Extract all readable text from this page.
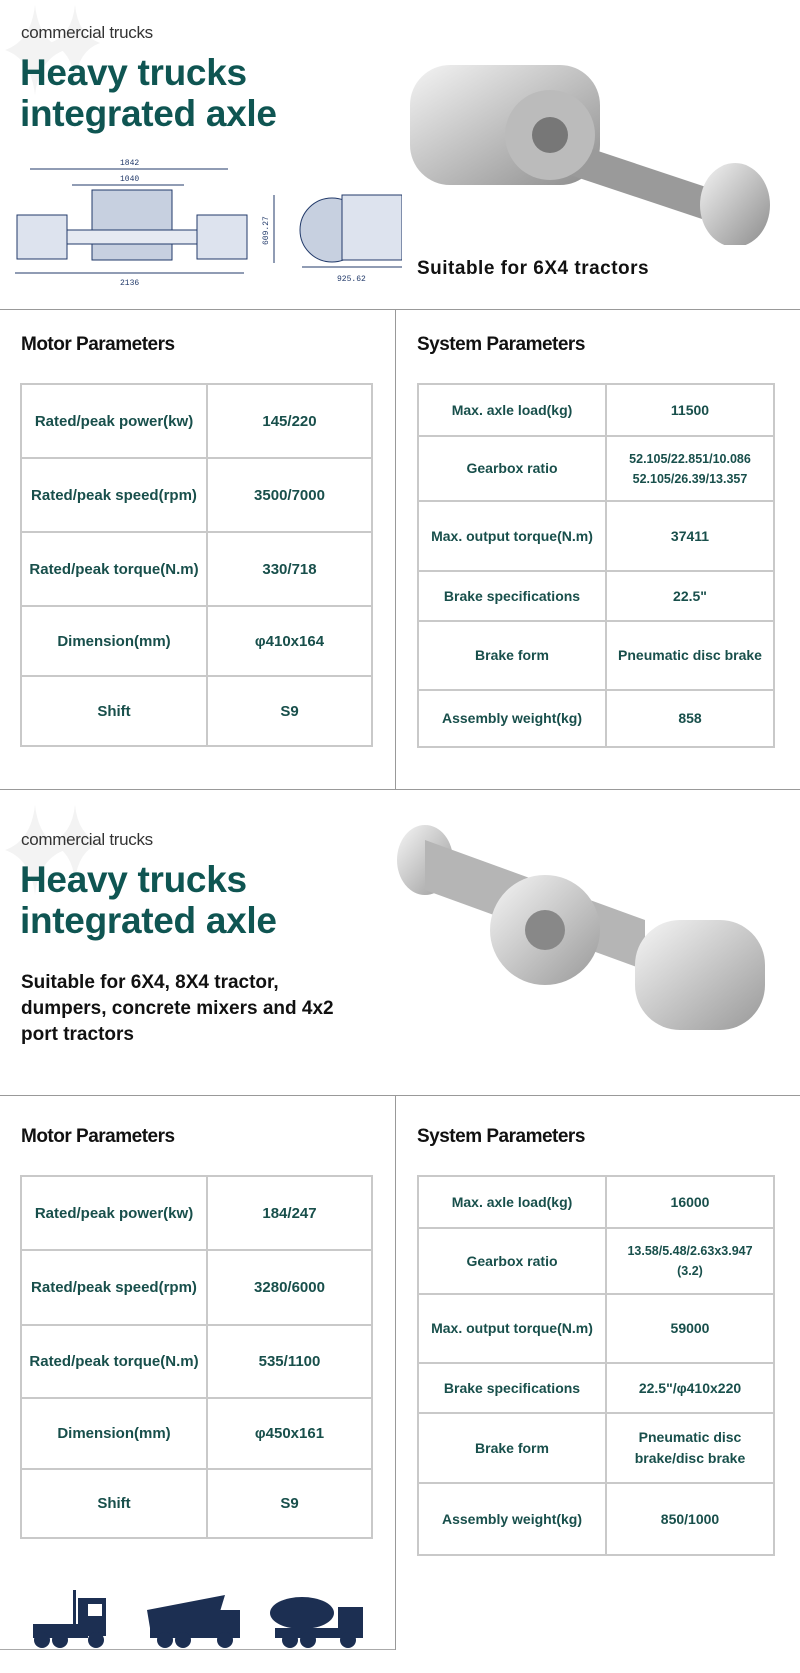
commercial trucks
Heavy trucks
integrated axle
1842
1040
2136
609.27
925.62
Suitable for 6X4 tractors
Motor Parameters	System Parameters
Rated/peak power(kw)	145/220
Rated/peak speed(rpm)	3500/7000
Rated/peak torque(N.m)	330/718
Dimension(mm)	φ410x164
Shift	S9
Max. axle load(kg)	11500
Gearbox ratio	52.105/22.851/10.086 52.105/26.39/13.357
Max. output torque(N.m)	37411
Brake specifications	22.5"
Brake form	Pneumatic disc brake
Assembly weight(kg)	858
commercial trucks
Heavy trucks
integrated axle
Suitable for 6X4, 8X4 tractor, dumpers, concrete mixers and 4x2 port tractors
Motor Parameters	System Parameters
Rated/peak power(kw)	184/247
Rated/peak speed(rpm)	3280/6000
Rated/peak torque(N.m)	535/1100
Dimension(mm)	φ450x161
Shift	S9
Max. axle load(kg)	16000
Gearbox ratio	13.58/5.48/2.63x3.947 (3.2)
Max. output torque(N.m)	59000
Brake specifications	22.5"/φ410x220
Brake form	Pneumatic disc brake/disc brake
Assembly weight(kg)	850/1000
